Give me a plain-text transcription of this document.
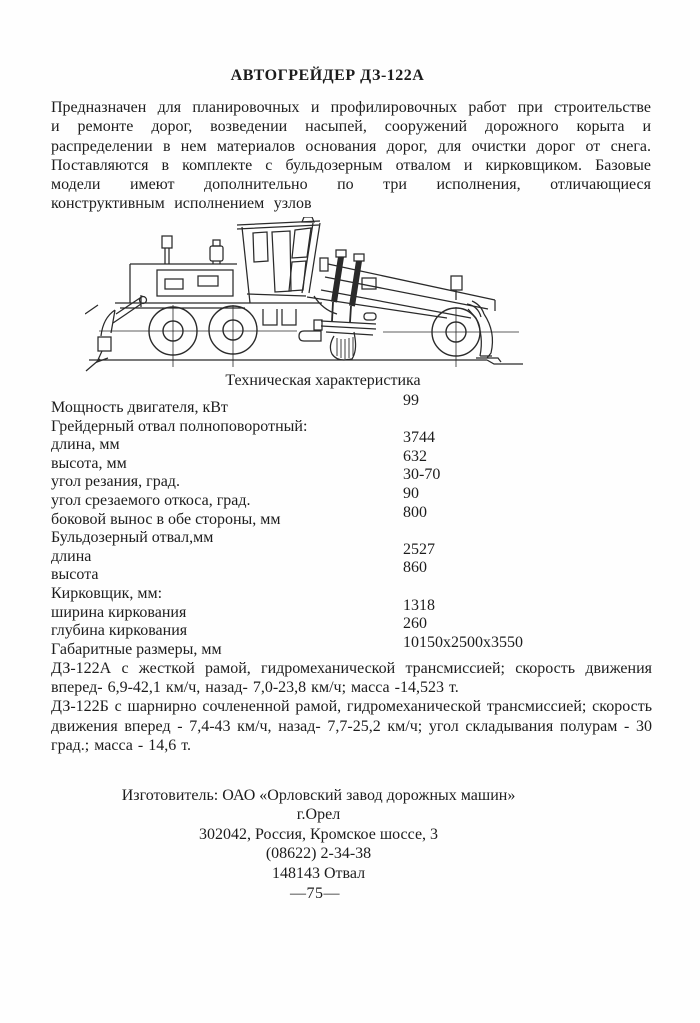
АВТОГРЕЙДЕР ДЗ-122А
Предназначен для планировочных и профилировочных работ при строительстве и ремонте дорог, возведении насыпей, сооружений дорожного корыта и распределении в нем материалов основания дорог, для очистки дорог от снега. Поставляются в комплекте с бульдозерным отвалом и кирковщиком. Базовые модели имеют дополнительно по три исполнения, отличающиеся конструктивным исполнением узлов
Техническая характеристика
Мощность двигателя, кВт	99
Грейдерный отвал полноповоротный:
длина, мм	3744
высота, мм	632
угол резания, град.	30-70
угол срезаемого откоса, град.	90
боковой вынос в обе стороны, мм	800
Бульдозерный отвал,мм
длина	2527
высота	860
Кирковщик, мм:
ширина киркования	1318
глубина киркования	260
Габаритные размеры, мм	10150х2500х3550

ДЗ-122А с жесткой рамой, гидромеханической трансмиссией; скорость движения вперед- 6,9-42,1 км/ч, назад- 7,0-23,8 км/ч; масса -14,523 т.

ДЗ-122Б с шарнирно сочлененной рамой, гидромеханической трансмиссией; скорость движения вперед - 7,4-43 км/ч, назад- 7,7-25,2 км/ч; угол складывания полурам - 30 град.; масса - 14,6 т.

Изготовитель: ОАО «Орловский завод дорожных машин»
г.Орел
302042, Россия, Кромское шоссе, 3
(08622) 2-34-38
148143 Отвал
—75—
